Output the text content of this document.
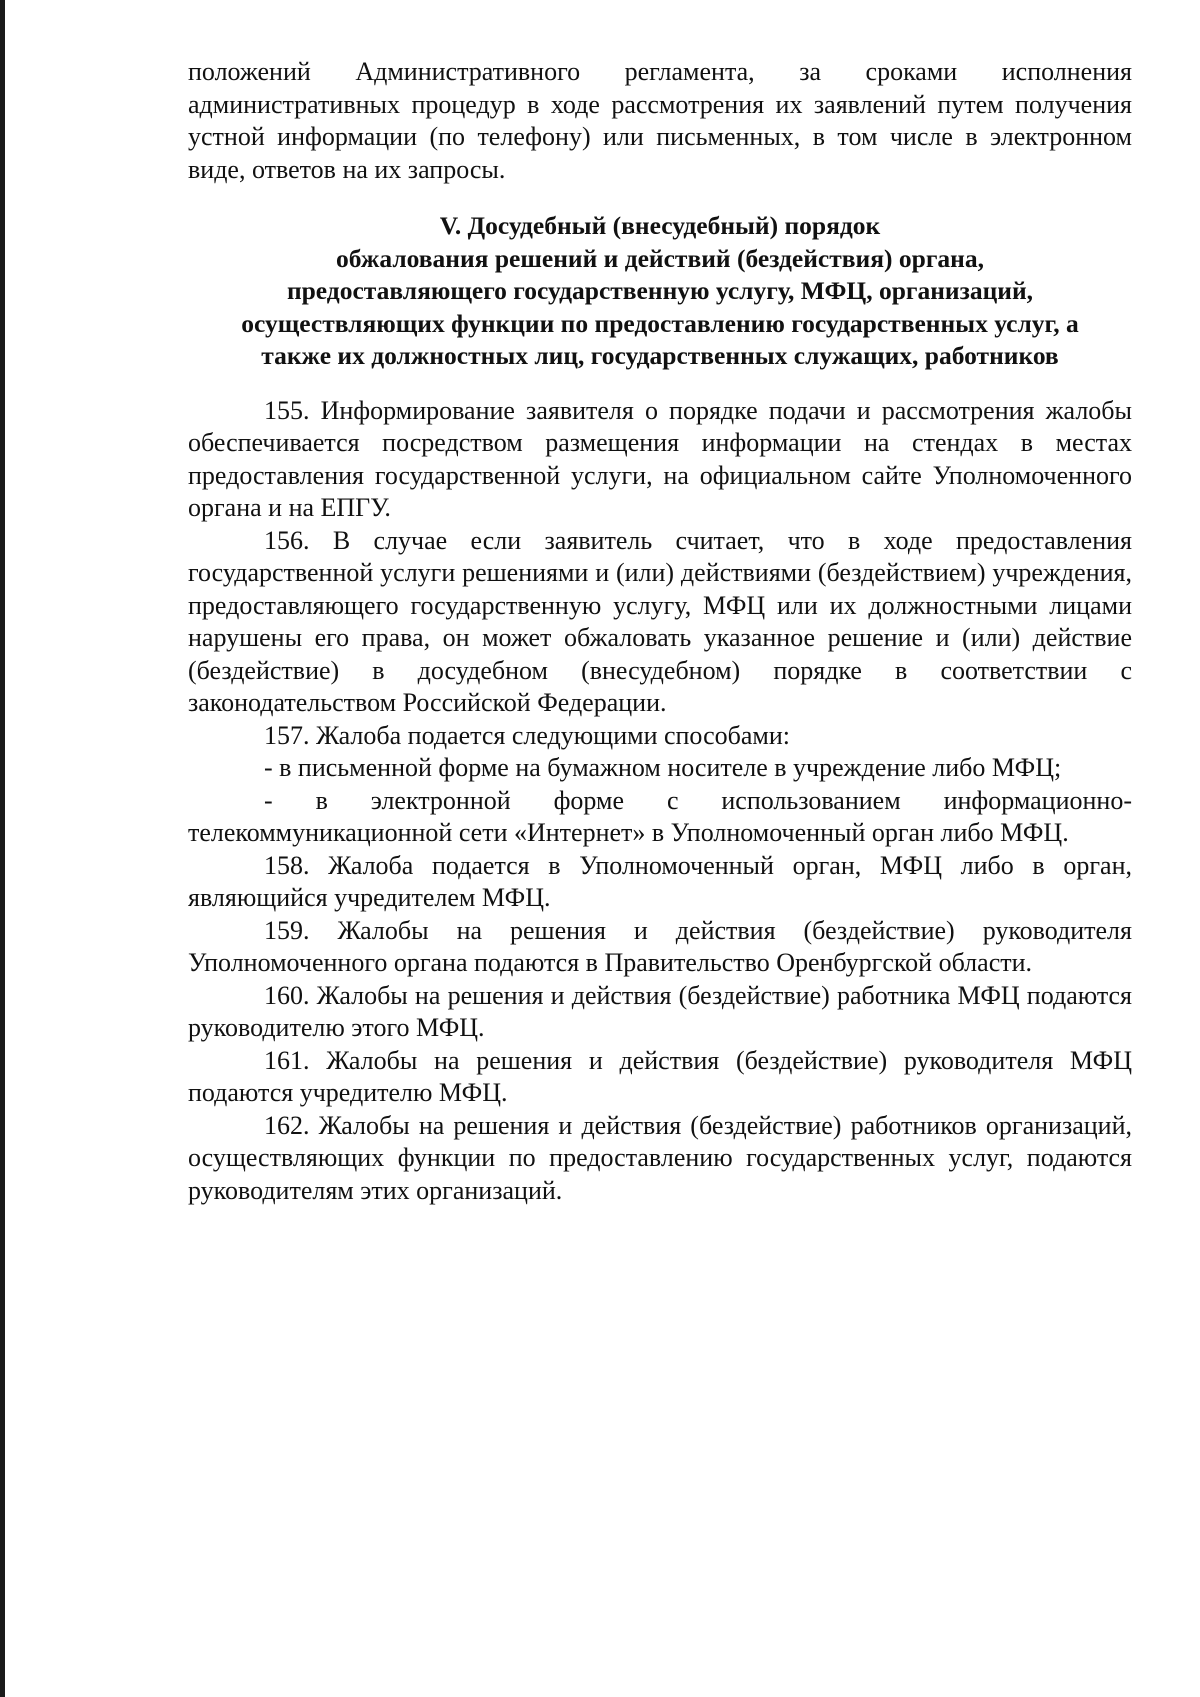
положений Административного регламента, за сроками исполнения административных процедур в ходе рассмотрения их заявлений путем получения устной информации (по телефону) или письменных, в том числе в электронном виде, ответов на их запросы.

V. Досудебный (внесудебный) порядок
обжалования решений и действий (бездействия) органа,
предоставляющего государственную услугу, МФЦ, организаций,
осуществляющих функции по предоставлению государственных услуг, а
также их должностных лиц, государственных служащих, работников

155. Информирование заявителя о порядке подачи и рассмотрения жалобы обеспечивается посредством размещения информации на стендах в местах предоставления государственной услуги, на официальном сайте Уполномоченного органа и на ЕПГУ.

156. В случае если заявитель считает, что в ходе предоставления государственной услуги решениями и (или) действиями (бездействием) учреждения, предоставляющего государственную услугу, МФЦ или их должностными лицами нарушены его права, он может обжаловать указанное решение и (или) действие (бездействие) в досудебном (внесудебном) порядке в соответствии с законодательством Российской Федерации.

157. Жалоба подается следующими способами:

- в письменной форме на бумажном носителе в учреждение либо МФЦ;

- в электронной форме с использованием информационно-телекоммуникационной сети «Интернет» в Уполномоченный орган либо МФЦ.

158. Жалоба подается в Уполномоченный орган, МФЦ либо в орган, являющийся учредителем МФЦ.

159. Жалобы на решения и действия (бездействие) руководителя Уполномоченного органа подаются в Правительство Оренбургской области.

160. Жалобы на решения и действия (бездействие) работника МФЦ подаются руководителю этого МФЦ.

161. Жалобы на решения и действия (бездействие) руководителя МФЦ подаются учредителю МФЦ.

162. Жалобы на решения и действия (бездействие) работников организаций, осуществляющих функции по предоставлению государственных услуг, подаются руководителям этих организаций.
